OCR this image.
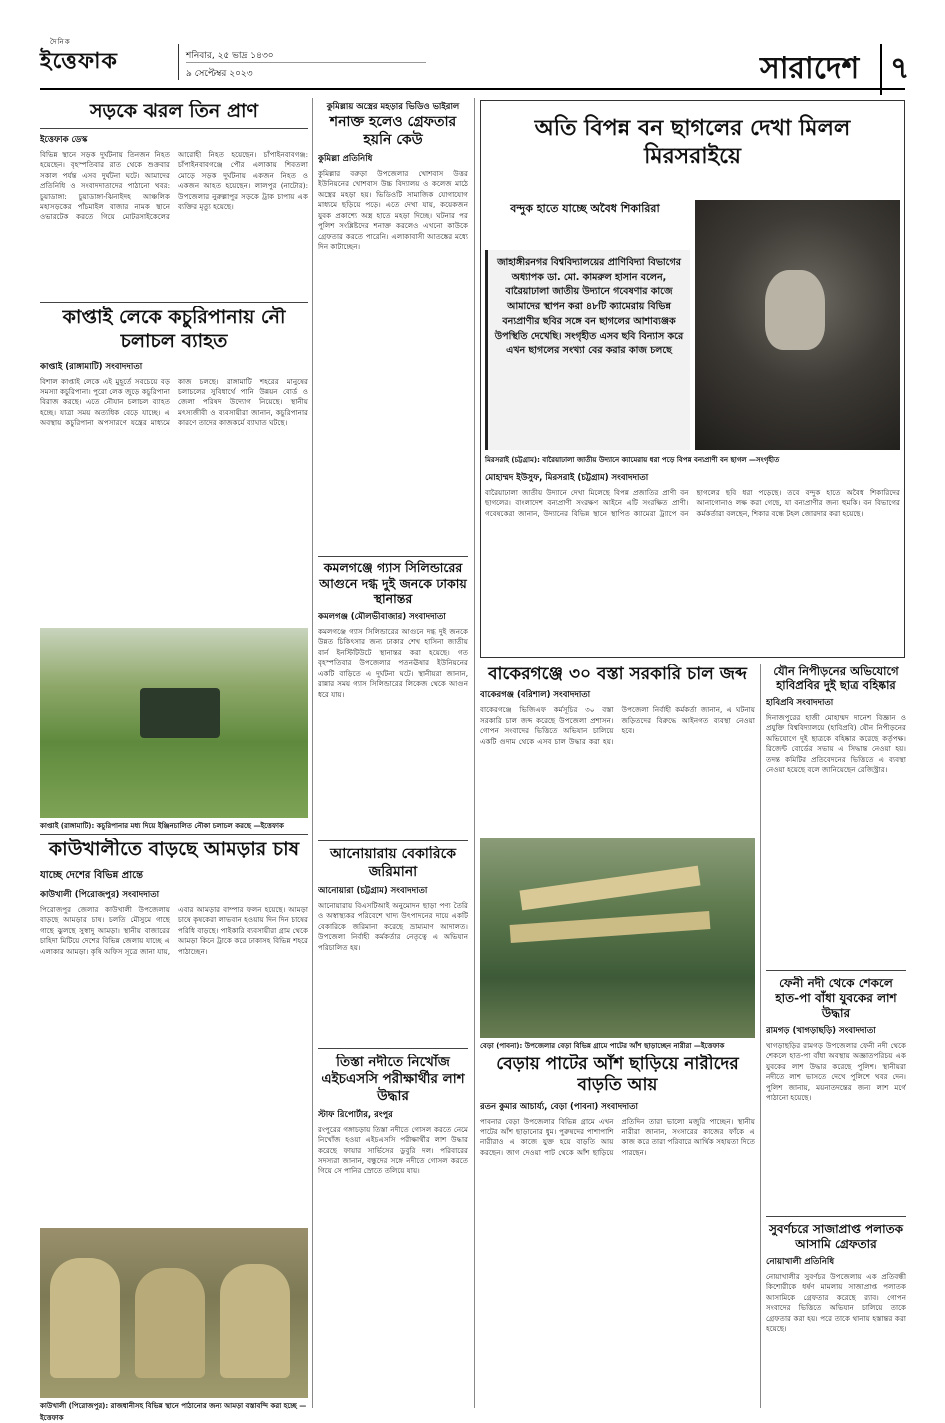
দৈনিক
ইত্তেফাক	শনিবার, ২৫ ভাদ্র ১৪৩০
৯ সেপ্টেম্বর ২০২৩	সারাদেশ	৭
সড়কে ঝরল তিন প্রাণ
ইত্তেফাক ডেস্ক
বিভিন্ন স্থানে সড়ক দুর্ঘটনায় তিনজন নিহত হয়েছেন। বৃহস্পতিবার রাত থেকে শুক্রবার সকাল পর্যন্ত এসব দুর্ঘটনা ঘটে। আমাদের প্রতিনিধি ও সংবাদদাতাদের পাঠানো খবর: চুয়াডাঙ্গা: চুয়াডাঙ্গা-ঝিনাইদহ আঞ্চলিক মহাসড়কের পাঁচমাইল বাজার নামক স্থানে ওভারটেক করতে গিয়ে মোটরসাইকেলের আরোহী নিহত হয়েছেন। চাঁপাইনবাবগঞ্জ: চাঁপাইনবাবগঞ্জে পৌর এলাকায় শিবতলা মোড়ে সড়ক দুর্ঘটনায় একজন নিহত ও একজন আহত হয়েছেন। লালপুর (নাটোর): উপজেলার নুরুল্লাপুর সড়কে ট্রাক চাপায় এক ব্যক্তির মৃত্যু হয়েছে।
কাপ্তাই লেকে কচুরিপানায় নৌ চলাচল ব্যাহত
কাপ্তাই (রাঙ্গামাটি) সংবাদদাতা
বিশাল কাপ্তাই লেকে এই মুহূর্তে সবচেয়ে বড় সমস্যা কচুরিপানা। পুরো লেক জুড়ে কচুরিপানা বিরাজ করছে। এতে নৌযান চলাচল ব্যাহত হচ্ছে। যাত্রা সময় অত্যধিক বেড়ে যাচ্ছে। এ অবস্থায় কচুরিপানা অপসারণে যন্ত্রের মাধ্যমে কাজ চলছে। রাঙ্গামাটি শহরের মানুষের চলাচলের সুবিধার্থে পানি উন্নয়ন বোর্ড ও জেলা পরিষদ উদ্যোগ নিয়েছে। স্থানীয় মৎস্যজীবী ও ব্যবসায়ীরা জানান, কচুরিপানার কারণে তাদের কাজকর্মে ব্যাঘাত ঘটছে।
কাপ্তাই (রাঙ্গামাটি): কচুরিপানার মধ্য দিয়ে ইঞ্জিনচালিত নৌকা চলাচল করছে —ইত্তেফাক
কাউখালীতে বাড়ছে আমড়ার চাষ
যাচ্ছে দেশের বিভিন্ন প্রান্তে
কাউখালী (পিরোজপুর) সংবাদদাতা
পিরোজপুর জেলার কাউখালী উপজেলায় বাড়ছে আমড়ার চাষ। চলতি মৌসুমে গাছে গাছে ঝুলছে সুস্বাদু আমড়া। স্থানীয় বাজারের চাহিদা মিটিয়ে দেশের বিভিন্ন জেলায় যাচ্ছে এ এলাকার আমড়া। কৃষি অফিস সূত্রে জানা যায়, এবার আমড়ার বাম্পার ফলন হয়েছে। আমড়া চাষে কৃষকেরা লাভবান হওয়ায় দিন দিন চাষের পরিধি বাড়ছে। পাইকারি ব্যবসায়ীরা গ্রাম থেকে আমড়া কিনে ট্রাকে করে ঢাকাসহ বিভিন্ন শহরে পাঠাচ্ছেন।
কাউখালী (পিরোজপুর): রাজধানীসহ বিভিন্ন স্থানে পাঠানোর জন্য আমড়া বস্তাবন্দি করা হচ্ছে —ইত্তেফাক
কুমিল্লায় অস্ত্রের মহড়ার ভিডিও ভাইরাল
শনাক্ত হলেও গ্রেফতার হয়নি কেউ
কুমিল্লা প্রতিনিধি
কুমিল্লার বরুড়া উপজেলার খোশবাস উত্তর ইউনিয়নের খোশবাস উচ্চ বিদ্যালয় ও কলেজ মাঠে অস্ত্রের মহড়া হয়। ভিডিওটি সামাজিক যোগাযোগ মাধ্যমে ছড়িয়ে পড়ে। এতে দেখা যায়, কয়েকজন যুবক প্রকাশ্যে অস্ত্র হাতে মহড়া দিচ্ছে। ঘটনার পর পুলিশ সংশ্লিষ্টদের শনাক্ত করলেও এখনো কাউকে গ্রেফতার করতে পারেনি। এলাকাবাসী আতঙ্কের মধ্যে দিন কাটাচ্ছেন।
কমলগঞ্জে গ্যাস সিলিন্ডারের আগুনে দগ্ধ দুই জনকে ঢাকায় স্থানান্তর
কমলগঞ্জ (মৌলভীবাজার) সংবাদদাতা
কমলগঞ্জে গ্যাস সিলিন্ডারের আগুনে দগ্ধ দুই জনকে উন্নত চিকিৎসার জন্য ঢাকার শেখ হাসিনা জাতীয় বার্ন ইনস্টিটিউটে স্থানান্তর করা হয়েছে। গত বৃহস্পতিবার উপজেলার পতনঊষার ইউনিয়নের একটি বাড়িতে এ দুর্ঘটনা ঘটে। স্থানীয়রা জানান, রান্নার সময় গ্যাস সিলিন্ডারের লিকেজ থেকে আগুন ধরে যায়।
আনোয়ারায় বেকারিকে জরিমানা
আনোয়ারা (চট্টগ্রাম) সংবাদদাতা
আনোয়ারায় বিএসটিআই অনুমোদন ছাড়া পণ্য তৈরি ও অস্বাস্থ্যকর পরিবেশে খাদ্য উৎপাদনের দায়ে একটি বেকারিকে জরিমানা করেছে ভ্রাম্যমাণ আদালত। উপজেলা নির্বাহী কর্মকর্তার নেতৃত্বে এ অভিযান পরিচালিত হয়।
তিস্তা নদীতে নিখোঁজ এইচএসসি পরীক্ষার্থীর লাশ উদ্ধার
স্টাফ রিপোর্টার, রংপুর
রংপুরের গঙ্গাচড়ায় তিস্তা নদীতে গোসল করতে নেমে নিখোঁজ হওয়া এইচএসসি পরীক্ষার্থীর লাশ উদ্ধার করেছে ফায়ার সার্ভিসের ডুবুরি দল। পরিবারের সদস্যরা জানান, বন্ধুদের সঙ্গে নদীতে গোসল করতে গিয়ে সে পানির স্রোতে তলিয়ে যায়।
অতি বিপন্ন বন ছাগলের দেখা মিলল মিরসরাইয়ে
বন্দুক হাতে যাচ্ছে অবৈধ শিকারিরা
জাহাঙ্গীরনগর বিশ্ববিদ্যালয়ের প্রাণিবিদ্যা বিভাগের অধ্যাপক ডা. মো. কামরুল হাসান বলেন, বারৈয়াঢালা জাতীয় উদ্যানে গবেষণার কাজে আমাদের স্থাপন করা ৪৮টি ক্যামেরায় বিভিন্ন বন্যপ্রাণীর ছবির সঙ্গে বন ছাগলের আশাব্যঞ্জক উপস্থিতি দেখেছি। সংগৃহীত এসব ছবি বিন্যাস করে এখন ছাগলের সংখ্যা বের করার কাজ চলছে
মিরসরাই (চট্টগ্রাম): বারৈয়াঢালা জাতীয় উদ্যানে ক্যামেরায় ধরা পড়ে বিপন্ন বন্যপ্রাণী বন ছাগল —সংগৃহীত
মোহাম্মদ ইউসুফ, মিরসরাই (চট্টগ্রাম) সংবাদদাতা
বারৈয়াঢালা জাতীয় উদ্যানে দেখা মিলেছে বিপন্ন প্রজাতির প্রাণী বন ছাগলের। বাংলাদেশ বন্যপ্রাণী সংরক্ষণ আইনে এটি সংরক্ষিত প্রাণী। গবেষকেরা জানান, উদ্যানের বিভিন্ন স্থানে স্থাপিত ক্যামেরা ট্র্যাপে বন ছাগলের ছবি ধরা পড়েছে। তবে বন্দুক হাতে অবৈধ শিকারিদের আনাগোনাও লক্ষ করা গেছে, যা বন্যপ্রাণীর জন্য হুমকি। বন বিভাগের কর্মকর্তারা বলছেন, শিকার বন্ধে টহল জোরদার করা হয়েছে।
বাকেরগঞ্জে ৩০ বস্তা সরকারি চাল জব্দ
বাকেরগঞ্জ (বরিশাল) সংবাদদাতা
বাকেরগঞ্জে ভিজিএফ কর্মসূচির ৩০ বস্তা সরকারি চাল জব্দ করেছে উপজেলা প্রশাসন। গোপন সংবাদের ভিত্তিতে অভিযান চালিয়ে একটি গুদাম থেকে এসব চাল উদ্ধার করা হয়। উপজেলা নির্বাহী কর্মকর্তা জানান, এ ঘটনায় জড়িতদের বিরুদ্ধে আইনগত ব্যবস্থা নেওয়া হবে।
বেড়া (পাবনা): উপজেলার বেড়া বিভিন্ন গ্রামে পাটের আঁশ ছাড়াচ্ছেন নারীরা —ইত্তেফাক
বেড়ায় পাটের আঁশ ছাড়িয়ে নারীদের বাড়তি আয়
রতন কুমার আচার্য্য, বেড়া (পাবনা) সংবাদদাতা
পাবনার বেড়া উপজেলার বিভিন্ন গ্রামে এখন পাটের আঁশ ছাড়ানোর ধুম। পুরুষদের পাশাপাশি নারীরাও এ কাজে যুক্ত হয়ে বাড়তি আয় করছেন। জাগ দেওয়া পাট থেকে আঁশ ছাড়িয়ে প্রতিদিন তারা ভালো মজুরি পাচ্ছেন। স্থানীয় নারীরা জানান, সংসারের কাজের ফাঁকে এ কাজ করে তারা পরিবারে আর্থিক সহায়তা দিতে পারছেন।
যৌন নিপীড়নের অভিযোগে হাবিপ্রবির দুই ছাত্র বহিষ্কার
হাবিপ্রবি সংবাদদাতা
দিনাজপুরের হাজী মোহাম্মদ দানেশ বিজ্ঞান ও প্রযুক্তি বিশ্ববিদ্যালয়ে (হাবিপ্রবি) যৌন নিপীড়নের অভিযোগে দুই ছাত্রকে বহিষ্কার করেছে কর্তৃপক্ষ। রিজেন্ট বোর্ডের সভায় এ সিদ্ধান্ত নেওয়া হয়। তদন্ত কমিটির প্রতিবেদনের ভিত্তিতে এ ব্যবস্থা নেওয়া হয়েছে বলে জানিয়েছেন রেজিস্ট্রার।
ফেনী নদী থেকে শেকলে হাত-পা বাঁধা যুবকের লাশ উদ্ধার
রামগড় (খাগড়াছড়ি) সংবাদদাতা
খাগড়াছড়ির রামগড় উপজেলার ফেনী নদী থেকে শেকলে হাত-পা বাঁধা অবস্থায় অজ্ঞাতপরিচয় এক যুবকের লাশ উদ্ধার করেছে পুলিশ। স্থানীয়রা নদীতে লাশ ভাসতে দেখে পুলিশে খবর দেন। পুলিশ জানায়, ময়নাতদন্তের জন্য লাশ মর্গে পাঠানো হয়েছে।
সুবর্ণচরে সাজাপ্রাপ্ত পলাতক আসামি গ্রেফতার
নোয়াখালী প্রতিনিধি
নোয়াখালীর সুবর্ণচর উপজেলায় এক প্রতিবন্ধী কিশোরীকে ধর্ষণ মামলায় সাজাপ্রাপ্ত পলাতক আসামিকে গ্রেফতার করেছে র‌্যাব। গোপন সংবাদের ভিত্তিতে অভিযান চালিয়ে তাকে গ্রেফতার করা হয়। পরে তাকে থানায় হস্তান্তর করা হয়েছে।
